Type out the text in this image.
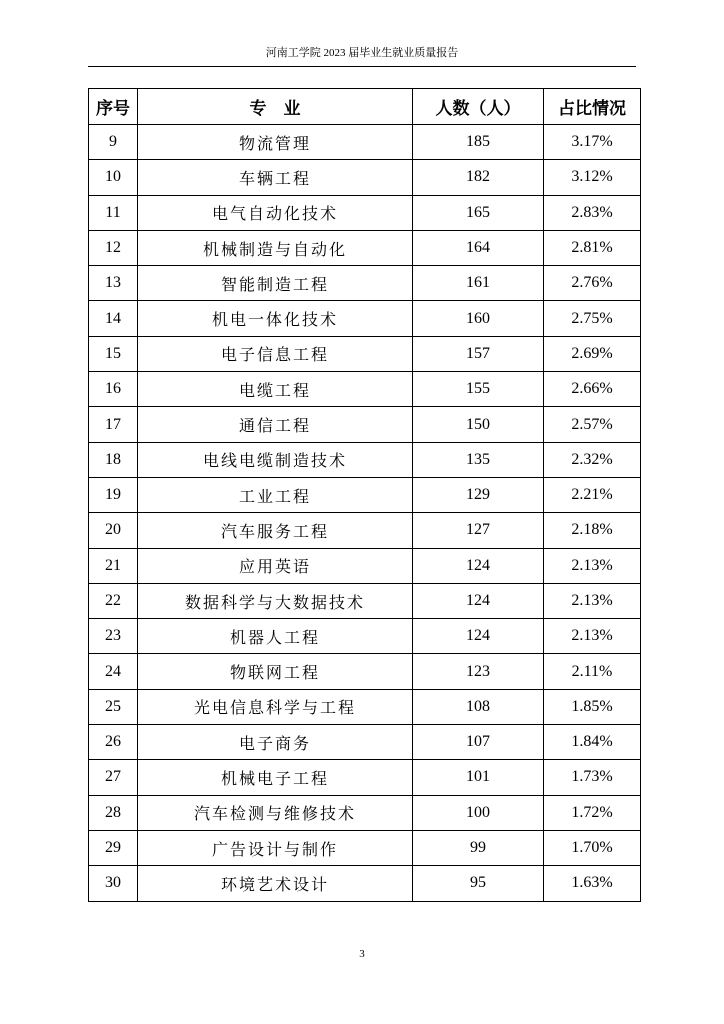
河南工学院 2023 届毕业生就业质量报告
序号	专　业	人数（人）	占比情况
9	物流管理	185	3.17%
10	车辆工程	182	3.12%
11	电气自动化技术	165	2.83%
12	机械制造与自动化	164	2.81%
13	智能制造工程	161	2.76%
14	机电一体化技术	160	2.75%
15	电子信息工程	157	2.69%
16	电缆工程	155	2.66%
17	通信工程	150	2.57%
18	电线电缆制造技术	135	2.32%
19	工业工程	129	2.21%
20	汽车服务工程	127	2.18%
21	应用英语	124	2.13%
22	数据科学与大数据技术	124	2.13%
23	机器人工程	124	2.13%
24	物联网工程	123	2.11%
25	光电信息科学与工程	108	1.85%
26	电子商务	107	1.84%
27	机械电子工程	101	1.73%
28	汽车检测与维修技术	100	1.72%
29	广告设计与制作	99	1.70%
30	环境艺术设计	95	1.63%
3
